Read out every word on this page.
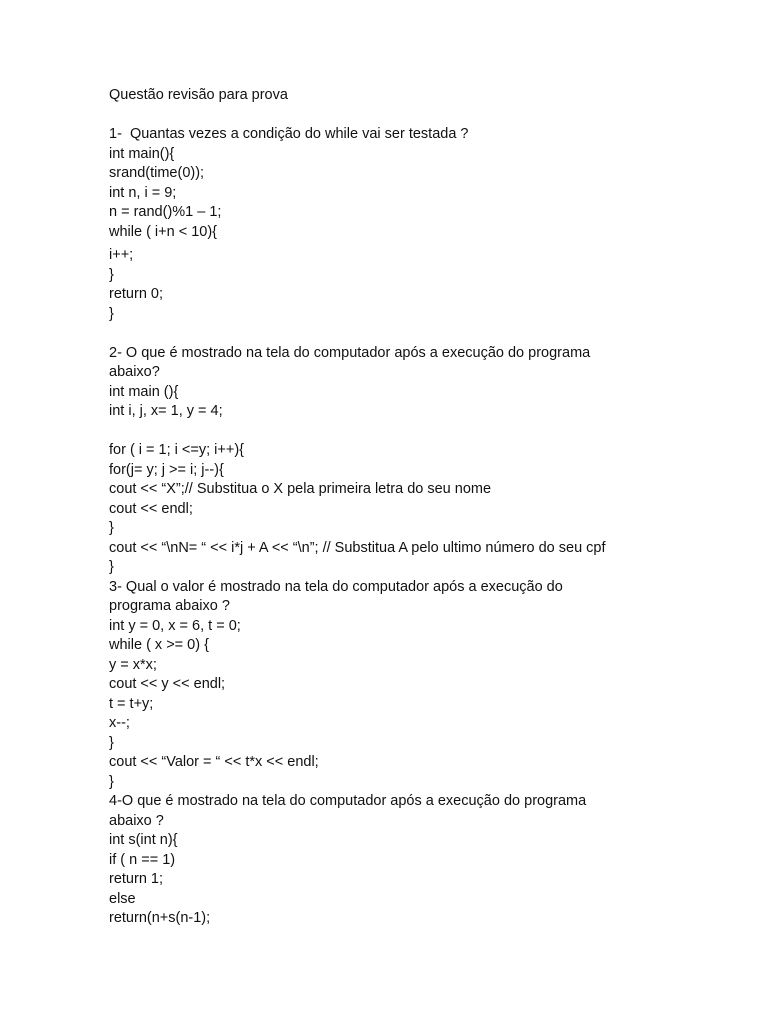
Questão revisão para prova
1-  Quantas vezes a condição do while vai ser testada ?
int main(){
srand(time(0));
int n, i = 9;
n = rand()%1 – 1;
while ( i+n < 10){
i++;
}
return 0;
}
2- O que é mostrado na tela do computador após a execução do programa
abaixo?
int main (){
int i, j, x= 1, y = 4;
for ( i = 1; i <=y; i++){
for(j= y; j >= i; j--){
cout << “X”;// Substitua o X pela primeira letra do seu nome
cout << endl;
}
cout << “\nN= “ << i*j + A << “\n”; // Substitua A pelo ultimo número do seu cpf
}
3- Qual o valor é mostrado na tela do computador após a execução do
programa abaixo ?
int y = 0, x = 6, t = 0;
while ( x >= 0) {
y = x*x;
cout << y << endl;
t = t+y;
x--;
}
cout << “Valor = “ << t*x << endl;
}
4-O que é mostrado na tela do computador após a execução do programa
abaixo ?
int s(int n){
if ( n == 1)
return 1;
else
return(n+s(n-1);
